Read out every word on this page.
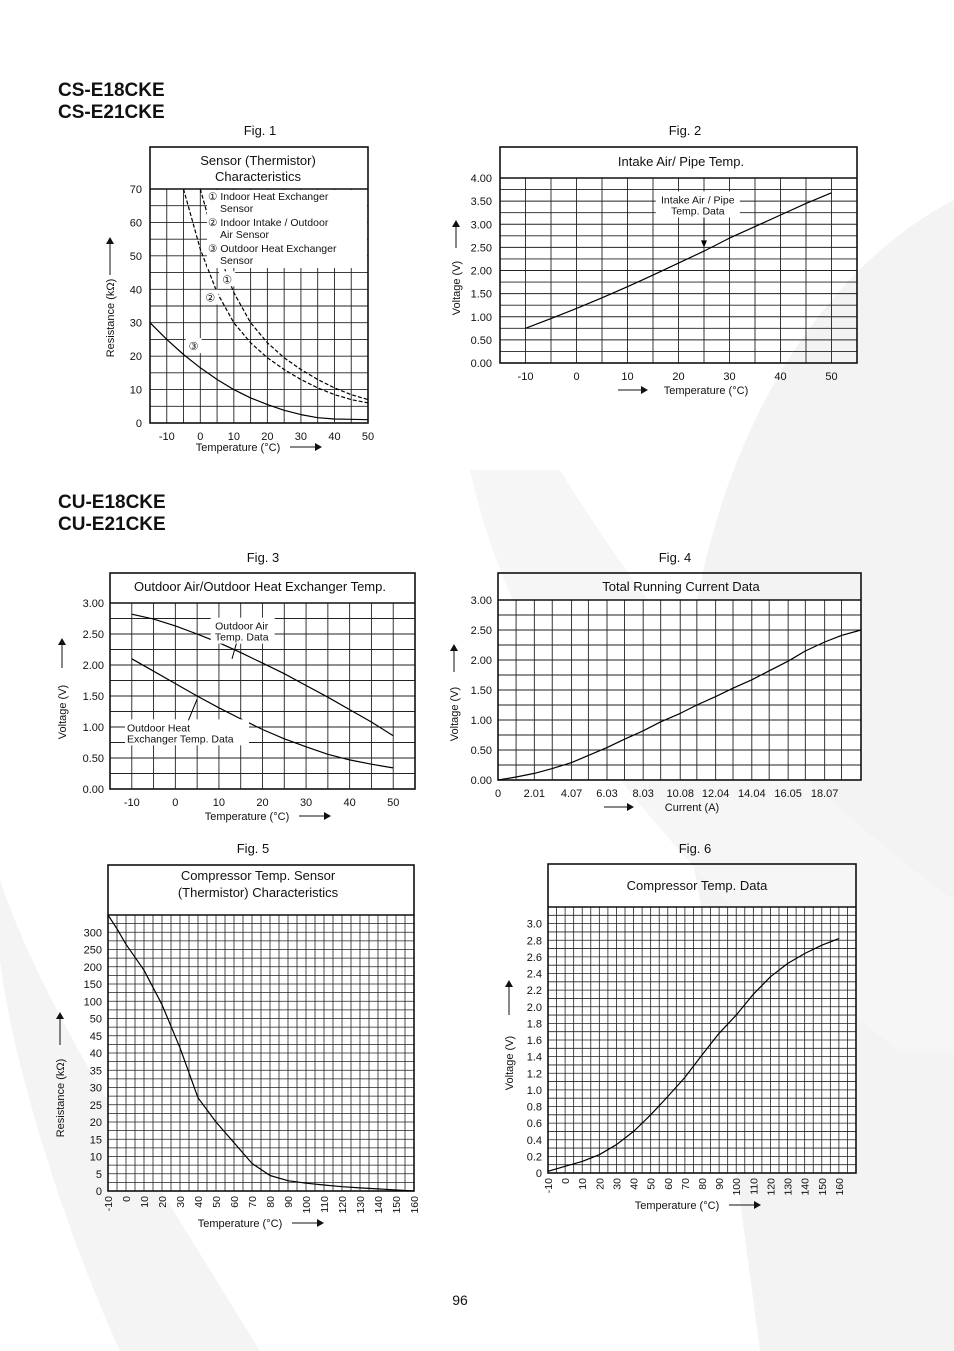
CS-E18CKE
CS-E21CKE
CU-E18CKE
CU-E21CKE
Fig. 1
Sensor (Thermistor)
Characteristics
-10 0 10 20 30 40 50
0
10
20
30
40
50
60
70
Resistance (kΩ)
Temperature (°C)
① Indoor Heat Exchanger
Sensor
② Indoor Intake / Outdoor
Air Sensor
③ Outdoor Heat Exchanger
Sensor
①
②
③
Fig. 2
Intake Air/ Pipe Temp.
-10	0	10	20	30	40	50
0.00
0.50
1.00
1.50
2.00
2.50
3.00
3.50
4.00
Voltage (V)
Temperature (°C)
Intake Air / Pipe
Temp. Data
Fig. 3
Outdoor Air/Outdoor Heat Exchanger Temp.
-10	0	10	20	30	40	50
0.00
0.50
1.00
1.50
2.00
2.50
3.00
Voltage (V)
Temperature (°C)
Outdoor Air
Temp. Data
Outdoor Heat
Exchanger Temp. Data
Fig. 4
Total Running Current Data
0 2.01 4.07 6.03 8.03 10.08 12.04 14.04 16.05 18.07
0.00
0.50
1.00
1.50
2.00
2.50
3.00
Voltage (V)
Current (A)
Fig. 5
Compressor Temp. Sensor
(Thermistor) Characteristics
-10 0 10 20 30 40 50 60 70 80 90 100 110 120 130 140 150 160
0
5
10
15
20
25
30
35
40
45
50
100
150
200
250
300
Resistance (kΩ)
Temperature (°C)
Fig. 6
Compressor Temp. Data
-10 0 10 20 30 40 50 60 70 80 90 100 110 120 130 140 150 160
0
0.2
0.4
0.6
0.8
1.0
1.2
1.4
1.6
1.8
2.0
2.2
2.4
2.6
2.8
3.0
Voltage (V)
Temperature (°C)
96
